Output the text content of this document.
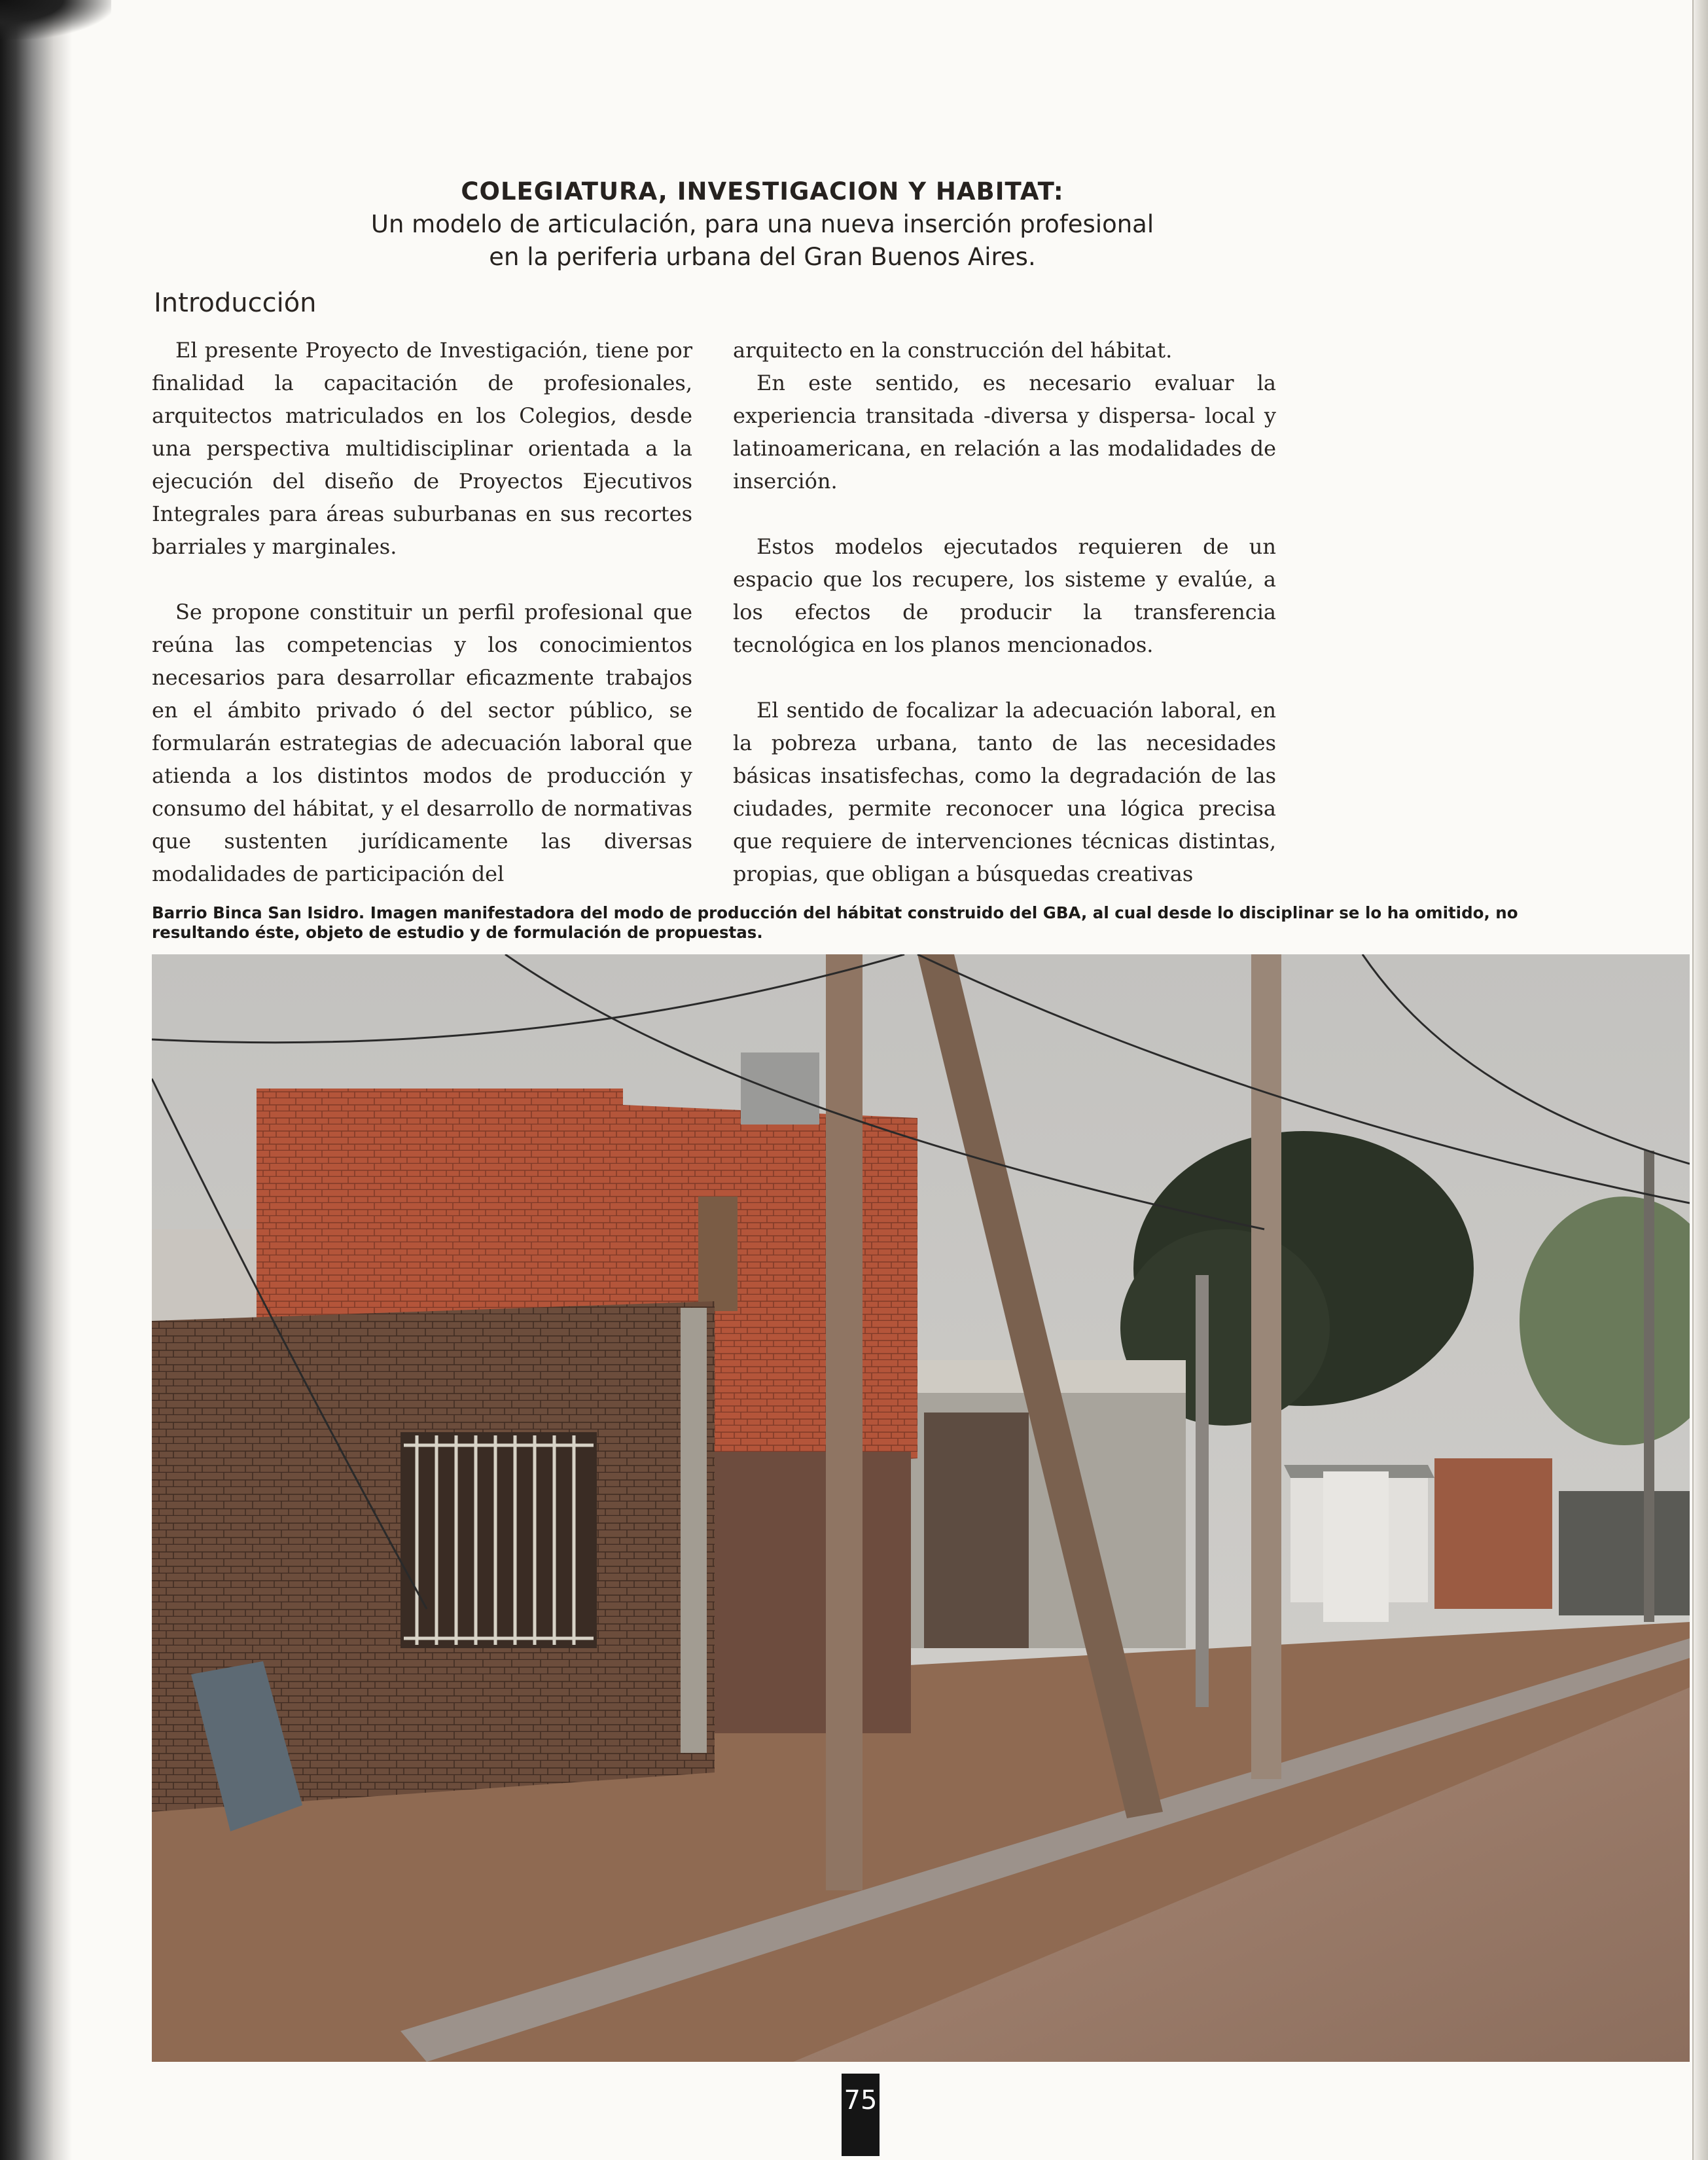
COLEGIATURA, INVESTIGACION Y HABITAT:
Un modelo de articulación, para una nueva inserción profesional
en la periferia urbana del Gran Buenos Aires.
Introducción

El presente Proyecto de Investigación, tiene por finalidad la capacitación de profesionales, arquitectos matriculados en los Colegios, desde una perspectiva multidisciplinar orientada a la ejecución del diseño de Proyectos Ejecutivos Integrales para áreas suburbanas en sus recortes barriales y marginales.

Se propone constituir un perfil profesional que reúna las competencias y los conocimientos necesarios para desarrollar eficazmente trabajos en el ámbito privado ó del sector público, se formularán estrategias de adecuación laboral que atienda a los distintos modos de producción y consumo del hábitat, y el desarrollo de normativas que sustenten jurídicamente las diversas modalidades de participación del

arquitecto en la construcción del hábitat.

En este sentido, es necesario evaluar la experiencia transitada -diversa y dispersa- local y latinoamericana, en relación a las modalidades de inserción.

Estos modelos ejecutados requieren de un espacio que los recupere, los sisteme y evalúe, a los efectos de producir la transferencia tecnológica en los planos mencionados.

El sentido de focalizar la adecuación laboral, en la pobreza urbana, tanto de las necesidades básicas insatisfechas, como la degradación de las ciudades, permite reconocer una lógica precisa que requiere de intervenciones técnicas distintas, propias, que obligan a búsquedas creativas

Barrio Binca San Isidro. Imagen manifestadora del modo de producción del hábitat construido del GBA, al cual desde lo disciplinar se lo ha omitido, no resultando éste, objeto de estudio y de formulación de propuestas.
75
